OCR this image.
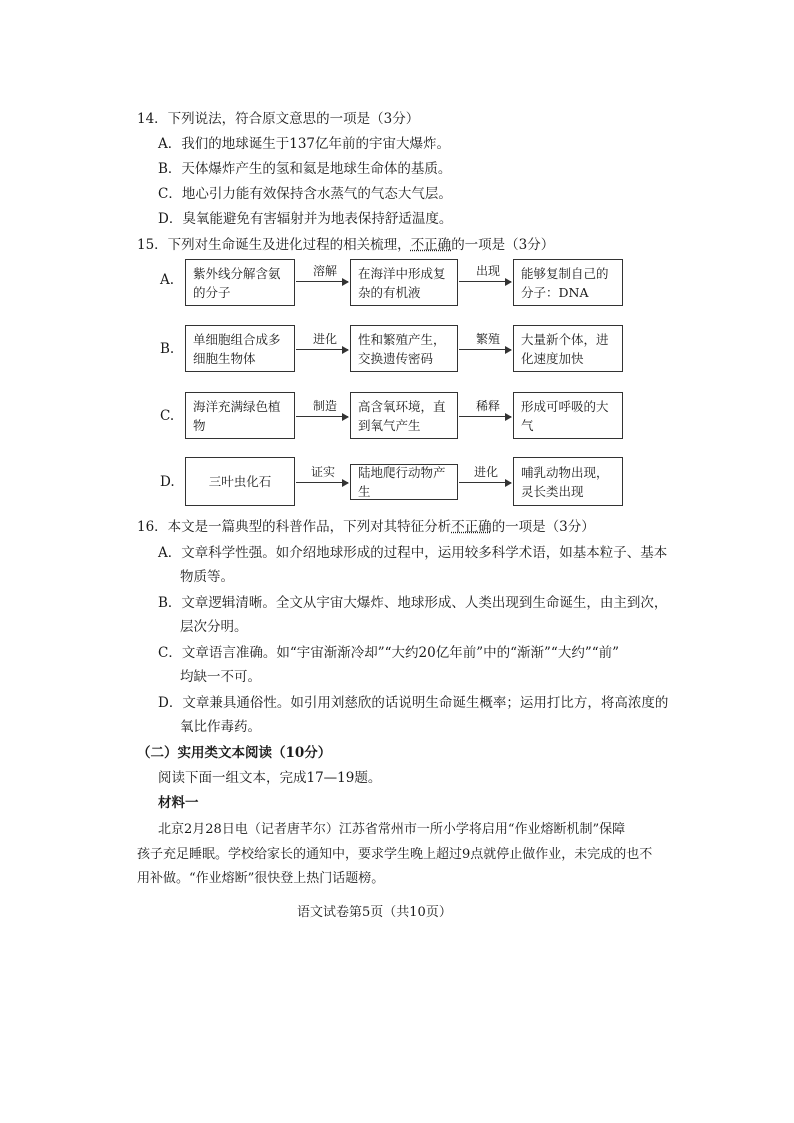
14．下列说法，符合原文意思的一项是（3分）
A．我们的地球诞生于137亿年前的宇宙大爆炸。
B．天体爆炸产生的氢和氦是地球生命体的基质。
C．地心引力能有效保持含水蒸气的气态大气层。
D．臭氧能避免有害辐射并为地表保持舒适温度。
15．下列对生命诞生及进化过程的相关梳理，不正确的一项是（3分）
A. 紫外线分解含氨的分子
溶解 在海洋中形成复杂的有机液
出现 能够复制自己的分子：DNA
B.
单细胞组合成多细胞生物体
进化 性和繁殖产生，交换遗传密码
繁殖 大量新个体，进化速度加快
C.
海洋充满绿色植物
制造 高含氧环境，直到氧气产生
稀释 形成可呼吸的大气
D.	三叶虫化石
证实 陆地爬行动物产生
进化 哺乳动物出现，灵长类出现
16．本文是一篇典型的科普作品，下列对其特征分析不正确的一项是（3分）
A．文章科学性强。如介绍地球形成的过程中，运用较多科学术语，如基本粒子、基本
物质等。
B．文章逻辑清晰。全文从宇宙大爆炸、地球形成、人类出现到生命诞生，由主到次，
层次分明。
C．文章语言准确。如“宇宙渐渐冷却”“大约20亿年前”中的“渐渐”“大约”“前”
均缺一不可。
D．文章兼具通俗性。如引用刘慈欣的话说明生命诞生概率；运用打比方，将高浓度的
氧比作毒药。
（二）实用类文本阅读（10分）
阅读下面一组文本，完成17—19题。
材料一
北京2月28日电（记者唐芊尔）江苏省常州市一所小学将启用“作业熔断机制”保障
孩子充足睡眠。学校给家长的通知中，要求学生晚上超过9点就停止做作业，未完成的也不
用补做。“作业熔断”很快登上热门话题榜。
语文试卷第5页（共10页）
